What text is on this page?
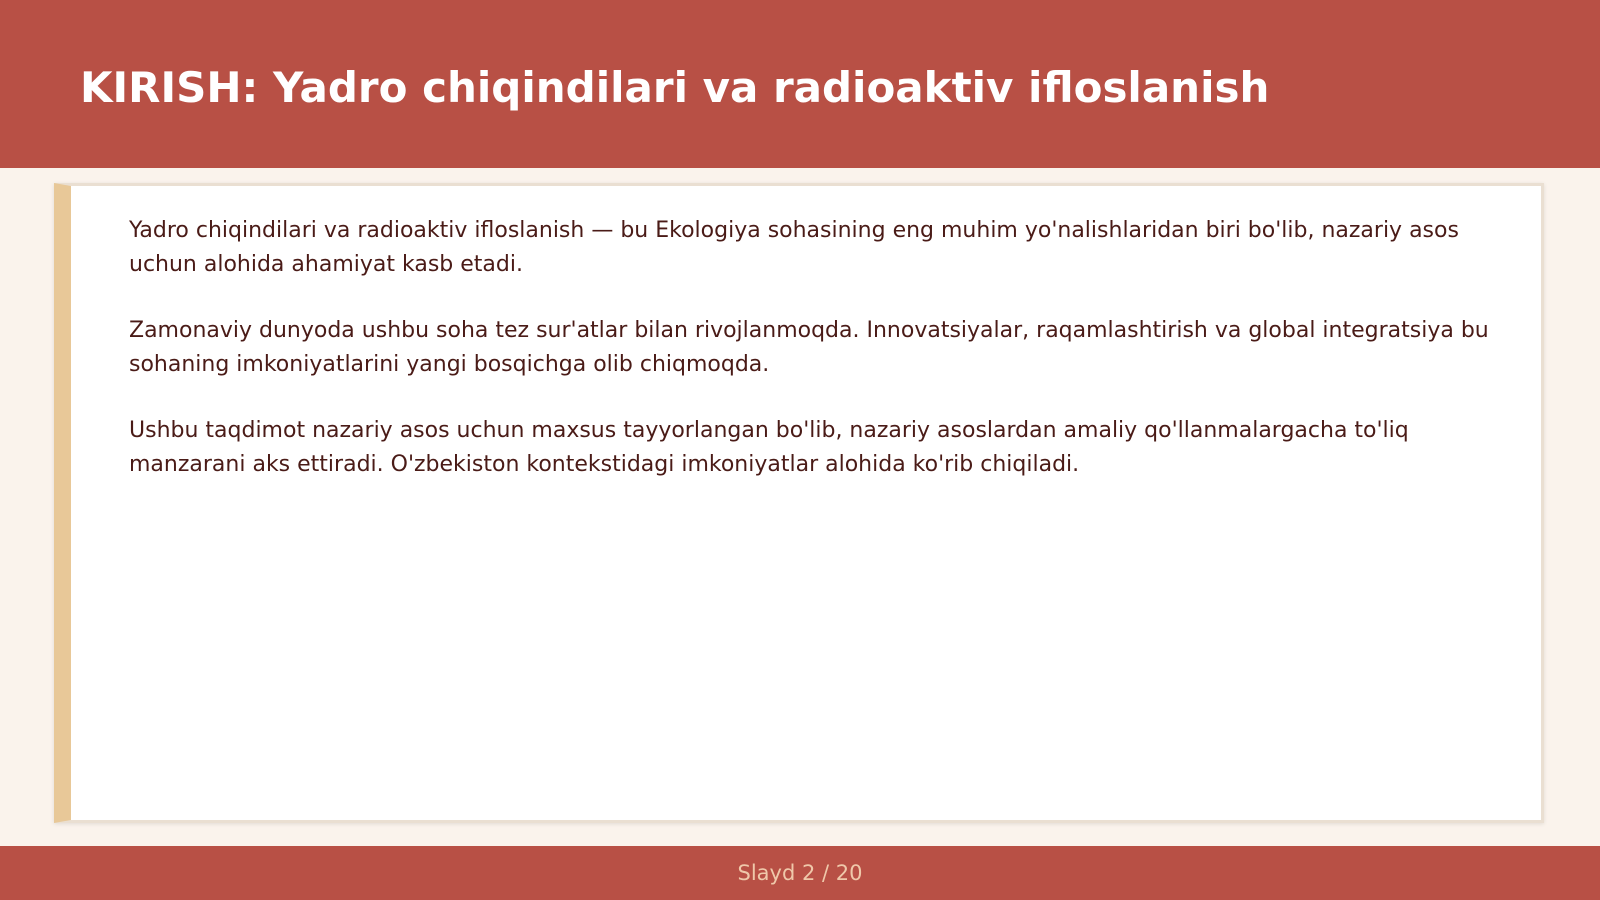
KIRISH: Yadro chiqindilari va radioaktiv ifloslanish

Yadro chiqindilari va radioaktiv ifloslanish — bu Ekologiya sohasining eng muhim yo'nalishlaridan biri bo'lib, nazariy asos uchun alohida ahamiyat kasb etadi.

Zamonaviy dunyoda ushbu soha tez sur'atlar bilan rivojlanmoqda. Innovatsiyalar, raqamlashtirish va global integratsiya bu sohaning imkoniyatlarini yangi bosqichga olib chiqmoqda.

Ushbu taqdimot nazariy asos uchun maxsus tayyorlangan bo'lib, nazariy asoslardan amaliy qo'llanmalargacha to'liq manzarani aks ettiradi. O'zbekiston kontekstidagi imkoniyatlar alohida ko'rib chiqiladi.

Slayd 2 / 20
